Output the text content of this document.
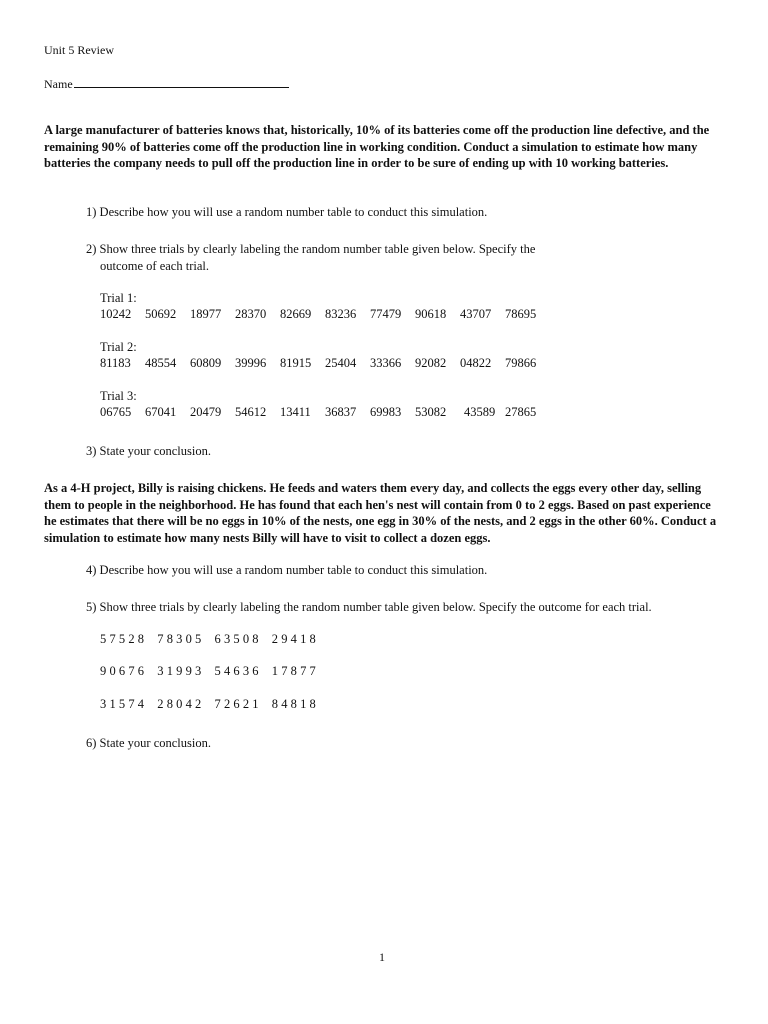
Unit 5 Review
Name
A large manufacturer of batteries knows that, historically, 10% of its batteries come off the production line defective, and the remaining 90% of batteries come off the production line in working condition. Conduct a simulation to estimate how many batteries the company needs to pull off the production line in order to be sure of ending up with 10 working batteries.
1) Describe how you will use a random number table to conduct this simulation.
2) Show three trials by clearly labeling the random number table given below. Specify the
outcome of each trial.
Trial 1:
10242	50692	18977	28370	82669	83236	77479	90618	43707	78695
Trial 2:
81183	48554	60809	39996	81915	25404	33366	92082	04822	79866
Trial 3:
06765	67041	20479	54612	13411	36837	69983	53082	43589 27865
3) State your conclusion.
As a 4-H project, Billy is raising chickens. He feeds and waters them every day, and collects the eggs every other day, selling them to people in the neighborhood. He has found that each hen's nest will contain from 0 to 2 eggs. Based on past experience he estimates that there will be no eggs in 10% of the nests, one egg in 30% of the nests, and 2 eggs in the other 60%. Conduct a simulation to estimate how many nests Billy will have to visit to collect a dozen eggs.
4) Describe how you will use a random number table to conduct this simulation.
5) Show three trials by clearly labeling the random number table given below. Specify the outcome for each trial.
57528 78305 63508 29418
90676 31993 54636 17877
31574 28042 72621 84818
6) State your conclusion.
1
